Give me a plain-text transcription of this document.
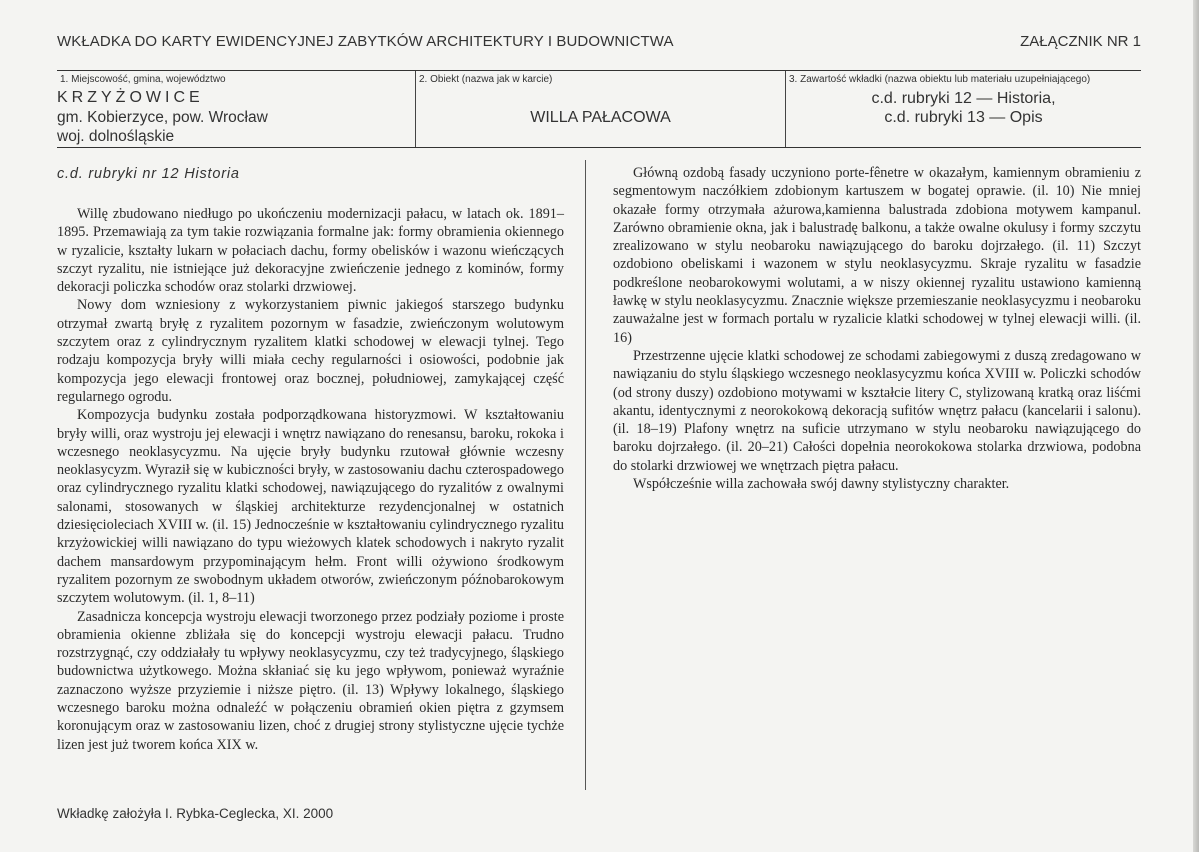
WKŁADKA DO KARTY EWIDENCYJNEJ ZABYTKÓW ARCHITEKTURY I BUDOWNICTWA	ZAŁĄCZNIK NR 1
1. Miejscowość, gmina, województwo
KRZYŻOWICE
gm. Kobierzyce, pow. Wrocław
woj. dolnośląskie
2. Obiekt (nazwa jak w karcie)
WILLA PAŁACOWA
3. Zawartość wkładki (nazwa obiektu lub materiału uzupełniającego)
c.d. rubryki 12 — Historia,
c.d. rubryki 13 — Opis
c.d. rubryki nr 12 Historia

Willę zbudowano niedługo po ukończeniu modernizacji pałacu, w latach ok. 1891–1895. Przemawiają za tym takie rozwiązania formalne jak: formy obramienia okiennego w ryzalicie, kształty lukarn w połaciach dachu, formy obelisków i wazonu wieńczących szczyt ryzalitu, nie istniejące już dekoracyjne zwieńczenie jednego z kominów, formy dekoracji policzka schodów oraz stolarki drzwiowej.

Nowy dom wzniesiony z wykorzystaniem piwnic jakiegoś starszego budynku otrzymał zwartą bryłę z ryzalitem pozornym w fasadzie, zwieńczonym wolutowym szczytem oraz z cylindrycznym ryzalitem klatki schodowej w elewacji tylnej. Tego rodzaju kompozycja bryły willi miała cechy regularności i osiowości, podobnie jak kompozycja jego elewacji frontowej oraz bocznej, południowej, zamykającej część regularnego ogrodu.

Kompozycja budynku została podporządkowana historyzmowi. W kształtowaniu bryły willi, oraz wystroju jej elewacji i wnętrz nawiązano do renesansu, baroku, rokoka i wczesnego neoklasycyzmu. Na ujęcie bryły budynku rzutował głównie wczesny neoklasycyzm. Wyraził się w kubiczności bryły, w zastosowaniu dachu czterospadowego oraz cylindrycznego ryzalitu klatki schodowej, nawiązującego do ryzalitów z owalnymi salonami, stosowanych w śląskiej architekturze rezydencjonalnej w ostatnich dziesięcioleciach XVIII w. (il. 15) Jednocześnie w kształtowaniu cylindrycznego ryzalitu krzyżowickiej willi nawiązano do typu wieżowych klatek schodowych i nakryto ryzalit dachem mansardowym przypominającym hełm. Front willi ożywiono środkowym ryzalitem pozornym ze swobodnym układem otworów, zwieńczonym późnobarokowym szczytem wolutowym. (il. 1, 8–11)

Zasadnicza koncepcja wystroju elewacji tworzonego przez podziały poziome i proste obramienia okienne zbliżała się do koncepcji wystroju elewacji pałacu. Trudno rozstrzygnąć, czy oddziałały tu wpływy neoklasycyzmu, czy też tradycyjnego, śląskiego budownictwa użytkowego. Można skłaniać się ku jego wpływom, ponieważ wyraźnie zaznaczono wyższe przyziemie i niższe piętro. (il. 13) Wpływy lokalnego, śląskiego wczesnego baroku można odnaleźć w połączeniu obramień okien piętra z gzymsem koronującym oraz w zastosowaniu lizen, choć z drugiej strony stylistyczne ujęcie tychże lizen jest już tworem końca XIX w.

Główną ozdobą fasady uczyniono porte-fênetre w okazałym, kamiennym obramieniu z segmentowym naczółkiem zdobionym kartuszem w bogatej oprawie. (il. 10) Nie mniej okazałe formy otrzymała ażurowa,kamienna balustrada zdobiona motywem kampanul. Zarówno obramienie okna, jak i balustradę balkonu, a także owalne okulusy i formy szczytu zrealizowano w stylu neobaroku nawiązującego do baroku dojrzałego. (il. 11) Szczyt ozdobiono obeliskami i wazonem w stylu neoklasycyzmu. Skraje ryzalitu w fasadzie podkreślone neobarokowymi wolutami, a w niszy okiennej ryzalitu ustawiono kamienną ławkę w stylu neoklasycyzmu. Znacznie większe przemieszanie neoklasycyzmu i neobaroku zauważalne jest w formach portalu w ryzalicie klatki schodowej w tylnej elewacji willi. (il. 16)

Przestrzenne ujęcie klatki schodowej ze schodami zabiegowymi z duszą zredagowano w nawiązaniu do stylu śląskiego wczesnego neoklasycyzmu końca XVIII w. Policzki schodów (od strony duszy) ozdobiono motywami w kształcie litery C, stylizowaną kratką oraz liśćmi akantu, identycznymi z neorokokową dekoracją sufitów wnętrz pałacu (kancelarii i salonu). (il. 18–19) Plafony wnętrz na suficie utrzymano w stylu neobaroku nawiązującego do baroku dojrzałego. (il. 20–21) Całości dopełnia neorokokowa stolarka drzwiowa, podobna do stolarki drzwiowej we wnętrzach piętra pałacu.

Współcześnie willa zachowała swój dawny stylistyczny charakter.

Wkładkę założyła I. Rybka-Ceglecka, XI. 2000
